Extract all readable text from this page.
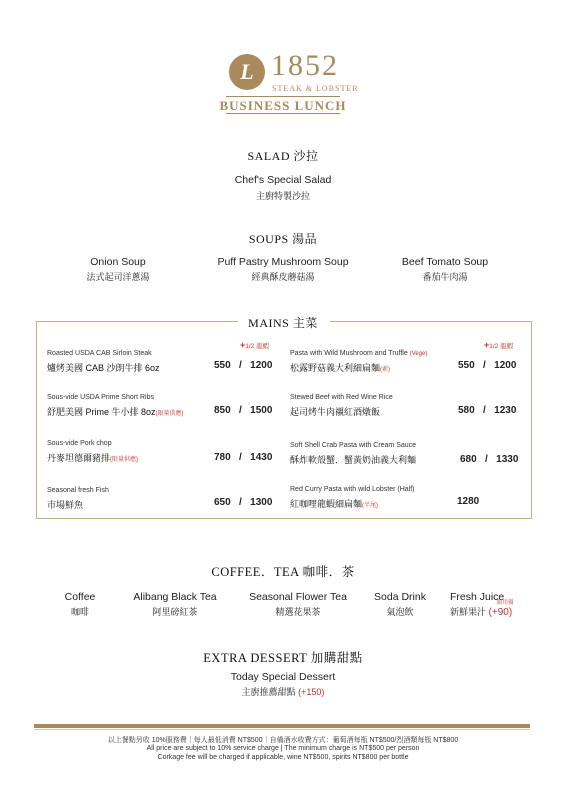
L 1852
STEAK & LOBSTER
BUSINESS LUNCH
SALAD 沙拉
Chef's Special Salad
主廚特製沙拉
SOUPS 湯品
Onion Soup
法式起司洋蔥湯
Puff Pastry Mushroom Soup
經典酥皮蘑菇湯
Beef Tomato Soup
番茄牛肉湯
MAINS 主菜
+1/2 龍蝦	+1/2 龍蝦
Roasted USDA CAB Sirloin Steak
爐烤美國 CAB 沙朗牛排 6oz	550 / 1200
Sous-vide USDA Prime Short Ribs
舒肥美國 Prime 牛小排 8oz(限量供應)	850 / 1500
Sous-vide Pork chop
丹麥坦德爾豬排(限量供應)	780 / 1430
Seasonal fresh Fish
市場鮮魚	650 / 1300
Pasta with Wild Mushroom and Truffle (Vege)
松露野菇義大利細扁麵(素)	550 / 1200
Stewed Beef with Red Wine Rice
起司烤牛肉襯紅酒燉飯	580 / 1230
Soft Shell Crab Pasta with Cream Sauce
酥炸軟殼蟹．蟹黃奶油義大利麵	680 / 1330
Red Curry Pasta with wild Lobster (Half)
紅咖哩龍蝦細扁麵(半尾)	1280
COFFEE．TEA 咖啡．茶
Coffee
咖啡
Alibang Black Tea
阿里磅紅茶
Seasonal Flower Tea
精選花果茶
Soda Drink
氣泡飲
Fresh Juice
限用優
新鮮果汁 (+90)
EXTRA DESSERT 加購甜點
Today Special Dessert
主廚推薦甜點 (+150)
以上餐點另收 10%服務費｜每人最低消費 NT$500｜自備酒水收費方式：葡萄酒每瓶 NT$500/烈酒類每瓶 NT$800
All price are subject to 10% service charge | The minimum charge is NT$500 per person
Corkage fee will be charged if applicable, wine NT$500, spirits NT$800 per bottle
